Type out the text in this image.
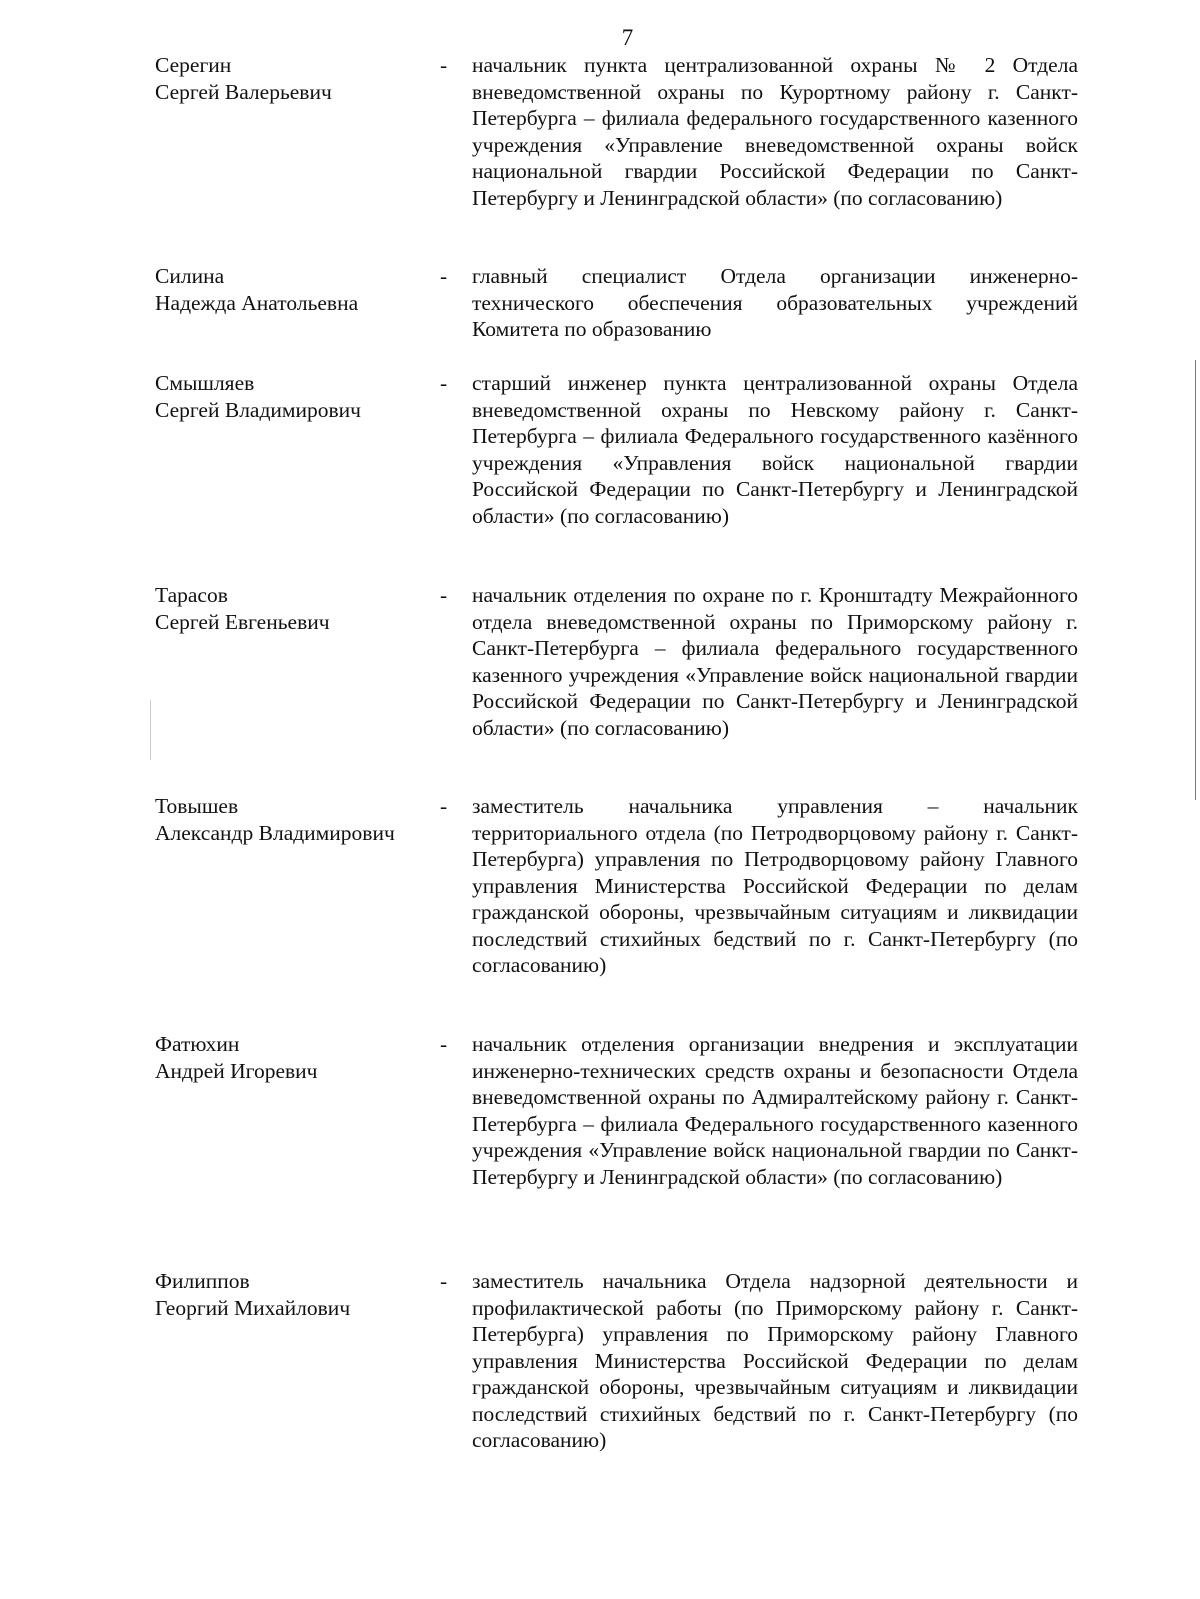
7
Серегин
Сергей Валерьевич
- начальник пункта централизованной охраны № 2 Отдела вневедомственной охраны по Курортному району г. Санкт-Петербурга – филиала федерального государственного казенного учреждения «Управление вневедомственной охраны войск национальной гвардии Российской Федерации по Санкт-Петербургу и Ленинградской области» (по согласованию)
Силина
Надежда Анатольевна
- главный специалист Отдела организации инженерно-технического обеспечения образовательных учреждений Комитета по образованию
Смышляев
Сергей Владимирович
- старший инженер пункта централизованной охраны Отдела вневедомственной охраны по Невскому району г. Санкт-Петербурга – филиала Федерального государственного казённого учреждения «Управления войск национальной гвардии Российской Федерации по Санкт-Петербургу и Ленинградской области» (по согласованию)
Тарасов
Сергей Евгеньевич
- начальник отделения по охране по г. Кронштадту Межрайонного отдела вневедомственной охраны по Приморскому району г. Санкт-Петербурга – филиала федерального государственного казенного учреждения «Управление войск национальной гвардии Российской Федерации по Санкт-Петербургу и Ленинградской области» (по согласованию)
Товышев
Александр Владимирович
- заместитель начальника управления – начальник территориального отдела (по Петродворцовому району г. Санкт-Петербурга) управления по Петродворцовому району Главного управления Министерства Российской Федерации по делам гражданской обороны, чрезвычайным ситуациям и ликвидации последствий стихийных бедствий по г. Санкт-Петербургу (по согласованию)
Фатюхин
Андрей Игоревич
- начальник отделения организации внедрения и эксплуатации инженерно-технических средств охраны и безопасности Отдела вневедомственной охраны по Адмиралтейскому району г. Санкт-Петербурга – филиала Федерального государственного казенного учреждения «Управление войск национальной гвардии по Санкт-Петербургу и Ленинградской области» (по согласованию)
Филиппов
Георгий Михайлович
- заместитель начальника Отдела надзорной деятельности и профилактической работы (по Приморскому району г. Санкт-Петербурга) управления по Приморскому району Главного управления Министерства Российской Федерации по делам гражданской обороны, чрезвычайным ситуациям и ликвидации последствий стихийных бедствий по г. Санкт-Петербургу (по согласованию)
